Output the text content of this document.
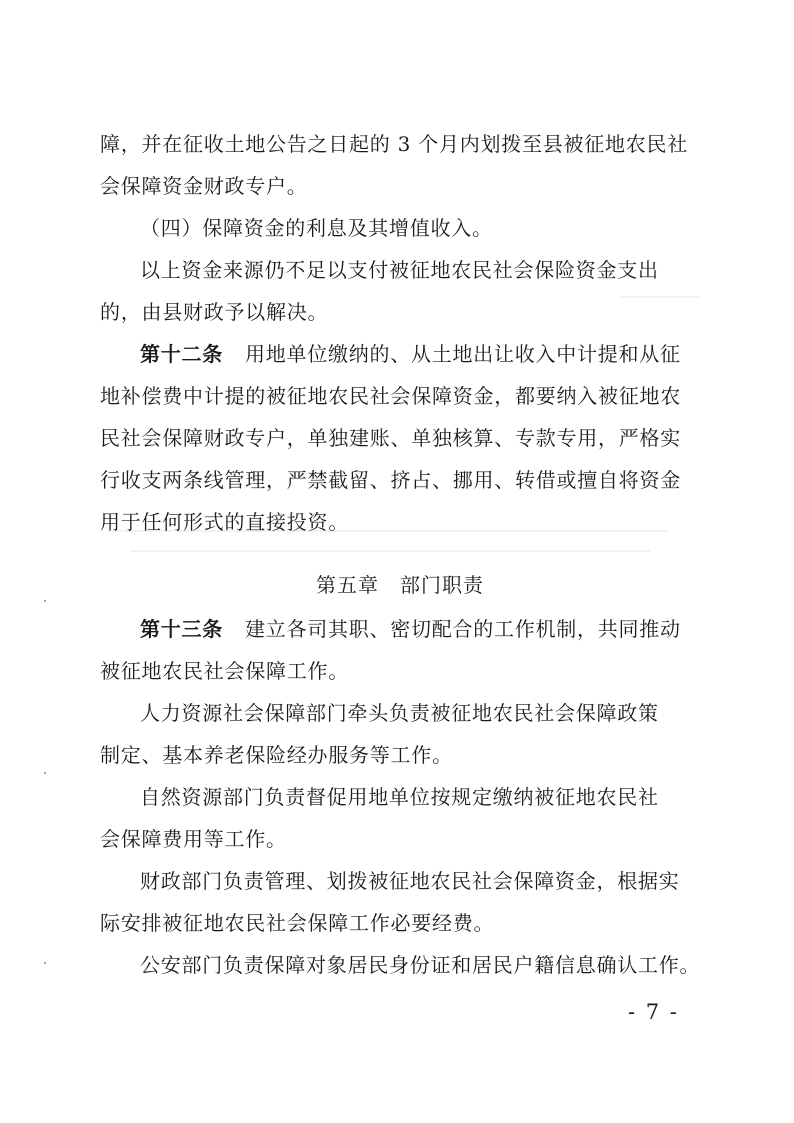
障，并在征收土地公告之日起的 3 个月内划拨至县被征地农民社
会保障资金财政专户。
（四）保障资金的利息及其增值收入。
以上资金来源仍不足以支付被征地农民社会保险资金支出
的，由县财政予以解决。
第十二条 用地单位缴纳的、从土地出让收入中计提和从征
地补偿费中计提的被征地农民社会保障资金，都要纳入被征地农
民社会保障财政专户，单独建账、单独核算、专款专用，严格实
行收支两条线管理，严禁截留、挤占、挪用、转借或擅自将资金
用于任何形式的直接投资。
第五章　部门职责
第十三条 建立各司其职、密切配合的工作机制，共同推动
被征地农民社会保障工作。
人力资源社会保障部门牵头负责被征地农民社会保障政策
制定、基本养老保险经办服务等工作。
自然资源部门负责督促用地单位按规定缴纳被征地农民社
会保障费用等工作。
财政部门负责管理、划拨被征地农民社会保障资金，根据实
际安排被征地农民社会保障工作必要经费。
公安部门负责保障对象居民身份证和居民户籍信息确认工作。
- 7 -
